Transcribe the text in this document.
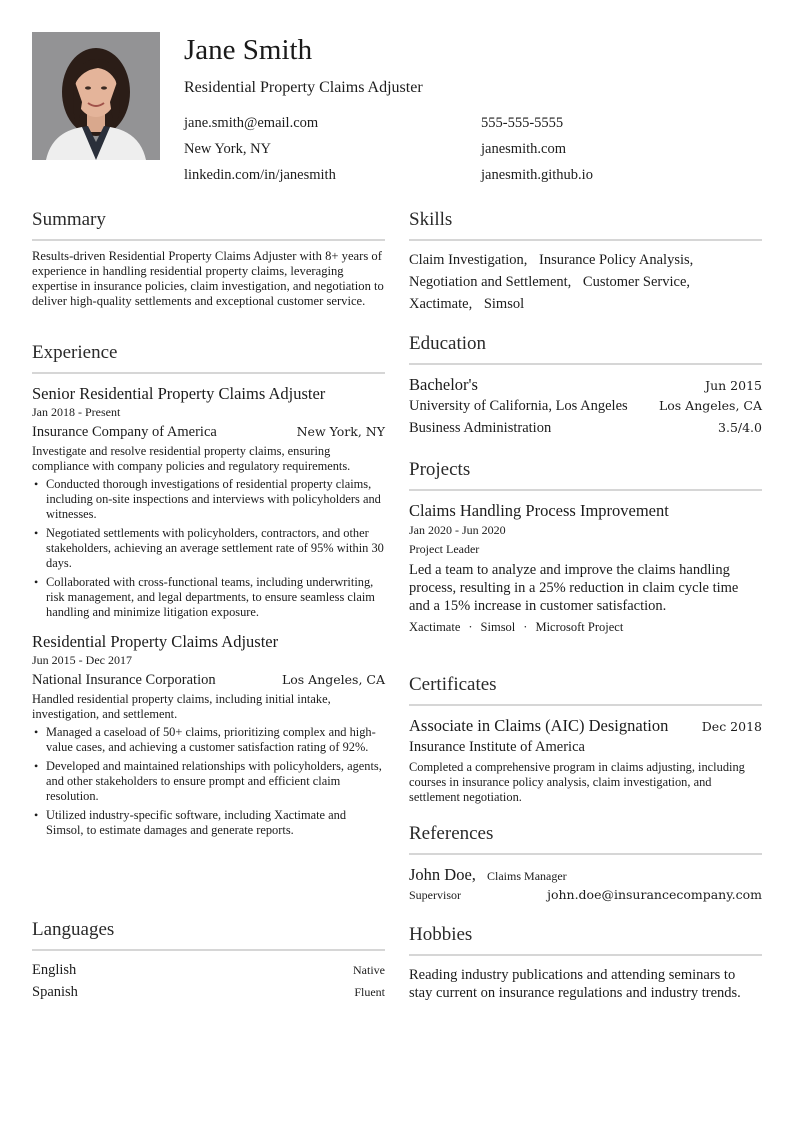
Jane Smith
Residential Property Claims Adjuster
jane.smith@email.com	555-555-5555
New York, NY	janesmith.com
linkedin.com/in/janesmith	janesmith.github.io
Summary
Results-driven Residential Property Claims Adjuster with 8+ years of experience in handling residential property claims, leveraging expertise in insurance policies, claim investigation, and negotiation to deliver high-quality settlements and exceptional customer service.
Experience
Senior Residential Property Claims Adjuster
Jan 2018 - Present
Insurance Company of America	New York, NY
Investigate and resolve residential property claims, ensuring compliance with company policies and regulatory requirements.
• Conducted thorough investigations of residential property claims, including on-site inspections and interviews with policyholders and witnesses.
• Negotiated settlements with policyholders, contractors, and other stakeholders, achieving an average settlement rate of 95% within 30 days.
• Collaborated with cross-functional teams, including underwriting, risk management, and legal departments, to ensure seamless claim handling and minimize litigation exposure.
Residential Property Claims Adjuster
Jun 2015 - Dec 2017
National Insurance Corporation	Los Angeles, CA
Handled residential property claims, including initial intake, investigation, and settlement.
• Managed a caseload of 50+ claims, prioritizing complex and high-value cases, and achieving a customer satisfaction rating of 92%.
• Developed and maintained relationships with policyholders, agents, and other stakeholders to ensure prompt and efficient claim resolution.
• Utilized industry-specific software, including Xactimate and Simsol, to estimate damages and generate reports.
Languages
English	Native
Spanish	Fluent
Skills
Claim Investigation, Insurance Policy Analysis, Negotiation and Settlement, Customer Service, Xactimate, Simsol
Education
Bachelor's	Jun 2015
University of California, Los Angeles	Los Angeles, CA
Business Administration	3.5/4.0
Projects
Claims Handling Process Improvement
Jan 2020 - Jun 2020
Project Leader
Led a team to analyze and improve the claims handling process, resulting in a 25% reduction in claim cycle time and a 15% increase in customer satisfaction.
Xactimate · Simsol · Microsoft Project
Certificates
Associate in Claims (AIC) Designation	Dec 2018
Insurance Institute of America
Completed a comprehensive program in claims adjusting, including courses in insurance policy analysis, claim investigation, and settlement negotiation.
References
John Doe, Claims Manager
Supervisor	john.doe@insurancecompany.com
Hobbies
Reading industry publications and attending seminars to stay current on insurance regulations and industry trends.
